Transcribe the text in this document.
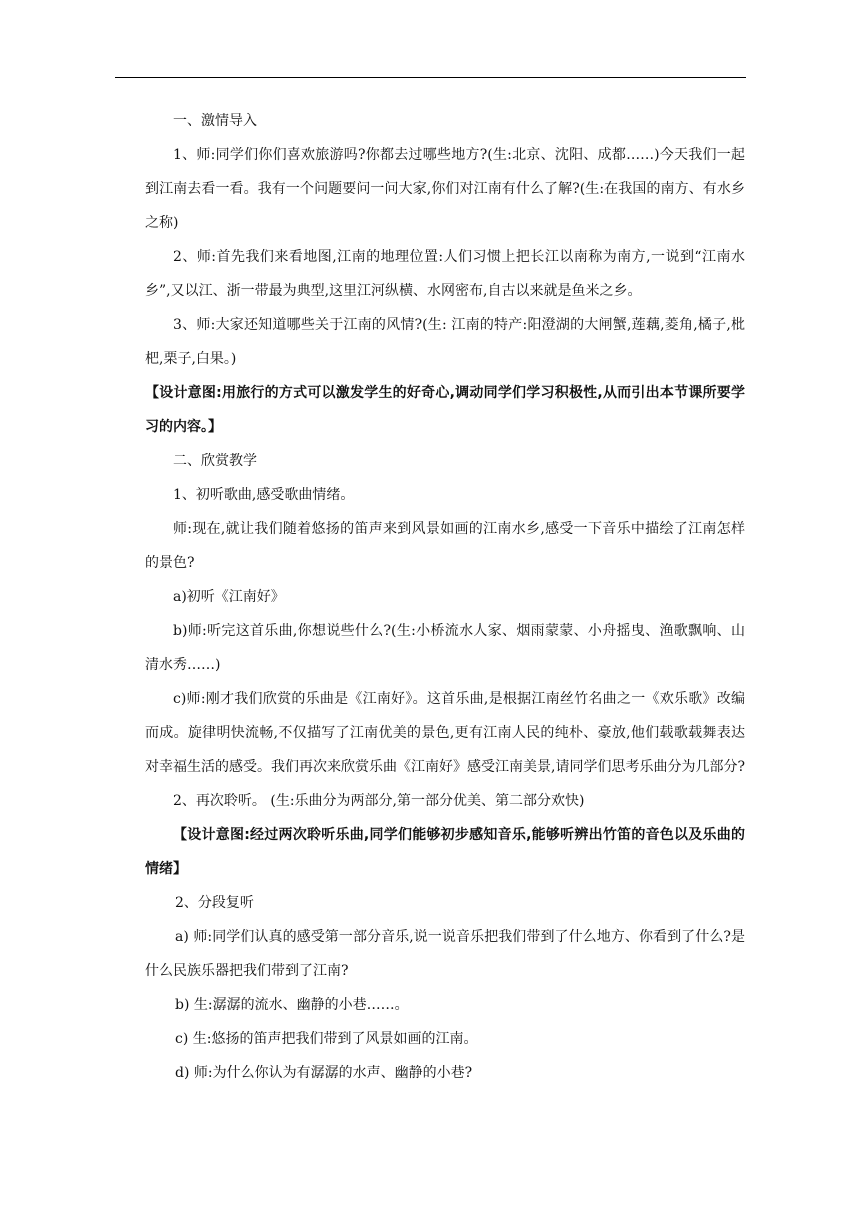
一、激情导入

1、师:同学们你们喜欢旅游吗?你都去过哪些地方?(生:北京、沈阳、成都……)今天我们一起到江南去看一看。我有一个问题要问一问大家,你们对江南有什么了解?(生:在我国的南方、有水乡之称)

2、师:首先我们来看地图,江南的地理位置:人们习惯上把长江以南称为南方,一说到“江南水乡”,又以江、浙一带最为典型,这里江河纵横、水网密布,自古以来就是鱼米之乡。

3、师:大家还知道哪些关于江南的风情?(生: 江南的特产:阳澄湖的大闸蟹,莲藕,菱角,橘子,枇杷,栗子,白果。)

【设计意图:用旅行的方式可以激发学生的好奇心,调动同学们学习积极性,从而引出本节课所要学习的内容。】

二、欣赏教学

1、初听歌曲,感受歌曲情绪。

师:现在,就让我们随着悠扬的笛声来到风景如画的江南水乡,感受一下音乐中描绘了江南怎样的景色?

a)初听《江南好》

b)师:听完这首乐曲,你想说些什么?(生:小桥流水人家、烟雨蒙蒙、小舟摇曳、渔歌飘响、山清水秀……)

c)师:刚才我们欣赏的乐曲是《江南好》。这首乐曲,是根据江南丝竹名曲之一《欢乐歌》改编而成。旋律明快流畅,不仅描写了江南优美的景色,更有江南人民的纯朴、豪放,他们载歌载舞表达对幸福生活的感受。我们再次来欣赏乐曲《江南好》感受江南美景,请同学们思考乐曲分为几部分?

2、再次聆听。 (生:乐曲分为两部分,第一部分优美、第二部分欢快)

【设计意图:经过两次聆听乐曲,同学们能够初步感知音乐,能够听辨出竹笛的音色以及乐曲的情绪】

2、分段复听

a) 师:同学们认真的感受第一部分音乐,说一说音乐把我们带到了什么地方、你看到了什么?是什么民族乐器把我们带到了江南?

b) 生:潺潺的流水、幽静的小巷……。

c) 生:悠扬的笛声把我们带到了风景如画的江南。

d) 师:为什么你认为有潺潺的水声、幽静的小巷?
